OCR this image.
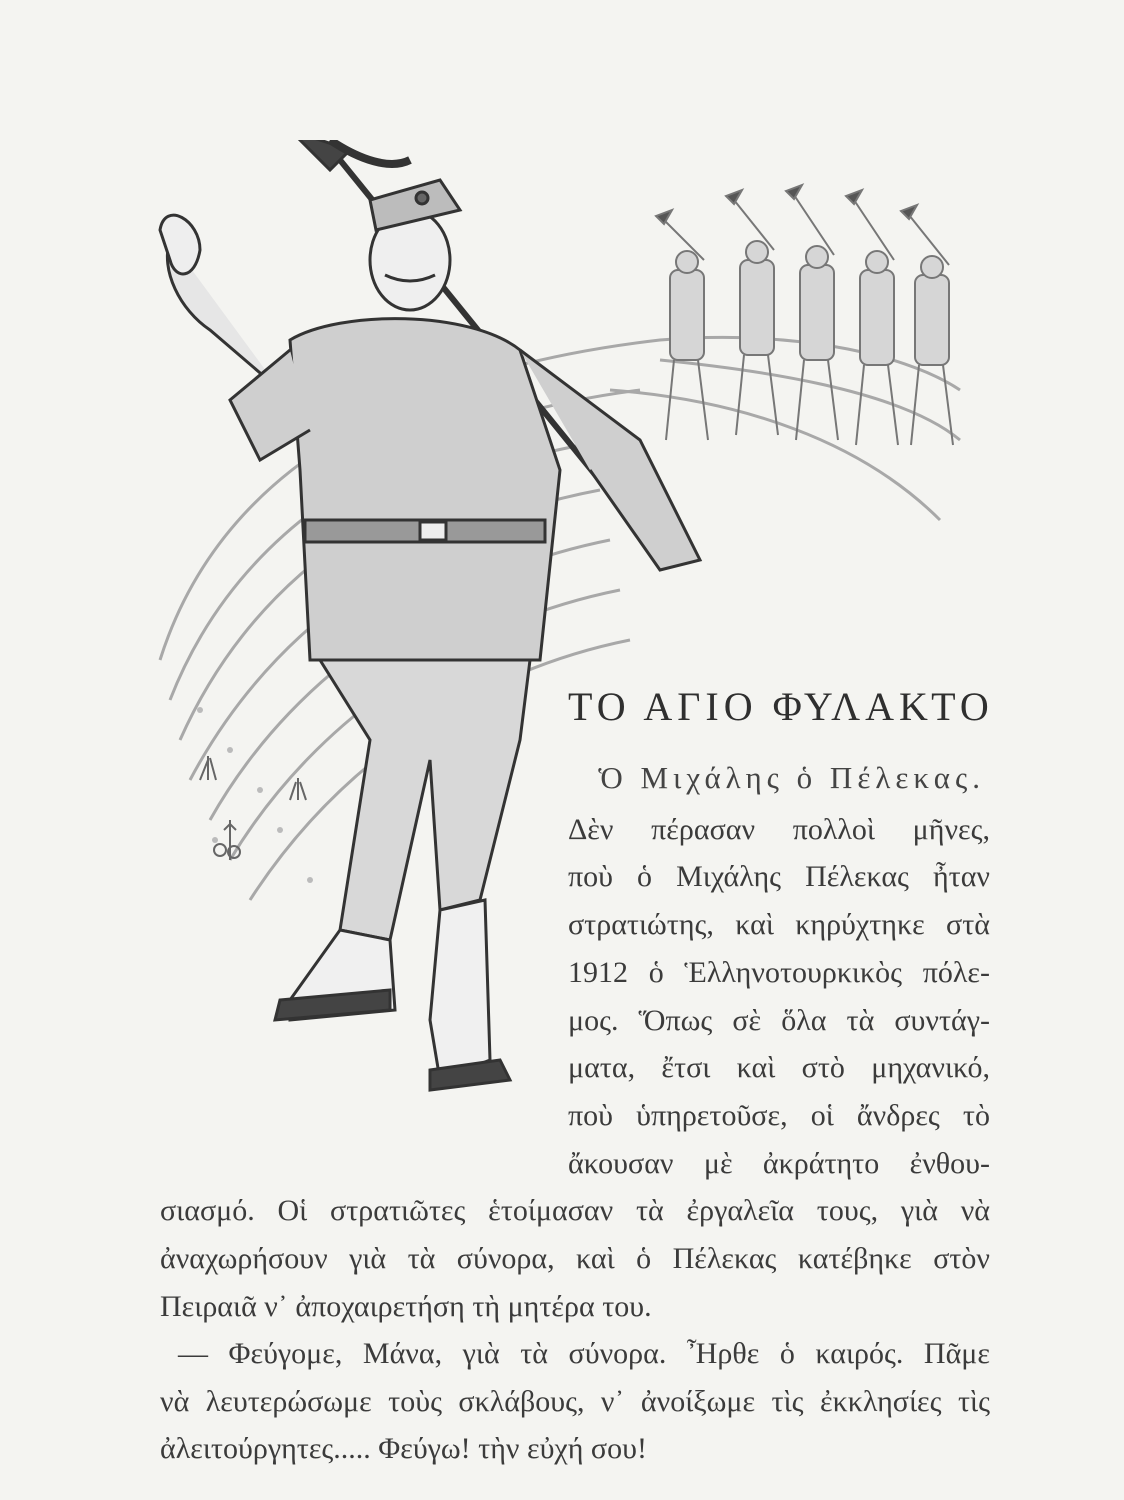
ΤΟ ΑΓΙΟ ΦΥΛΑΚΤΟ
Ὁ Μιχάλης ὁ Πέλεκας.
Δὲν πέρασαν πολλοὶ μῆνες,
ποὺ ὁ Μιχάλης Πέλεκας ἦταν
στρατιώτης, καὶ κηρύχτηκε στὰ
1912 ὁ Ἑλληνοτουρκικὸς πόλε-
μος. Ὅπως σὲ ὅλα τὰ συντάγ-
ματα, ἔτσι καὶ στὸ μηχανικό,
ποὺ ὑπηρετοῦσε, οἱ ἄνδρες τὸ
ἄκουσαν μὲ ἀκράτητο ἐνθου-
σιασμό. Οἱ στρατιῶτες ἑτοίμασαν τὰ ἐργαλεῖα τους, γιὰ νὰ
ἀναχωρήσουν γιὰ τὰ σύνορα, καὶ ὁ Πέλεκας κατέβηκε στὸν
Πειραιᾶ ν᾽ ἀποχαιρετήση τὴ μητέρα του.
— Φεύγομε, Μάνα, γιὰ τὰ σύνορα. Ἦρθε ὁ καιρός. Πᾶμε
νὰ λευτερώσωμε τοὺς σκλάβους, ν᾽ ἀνοίξωμε τὶς ἐκκλησίες τὶς
ἀλειτούργητες..... Φεύγω! τὴν εὐχή σου!
